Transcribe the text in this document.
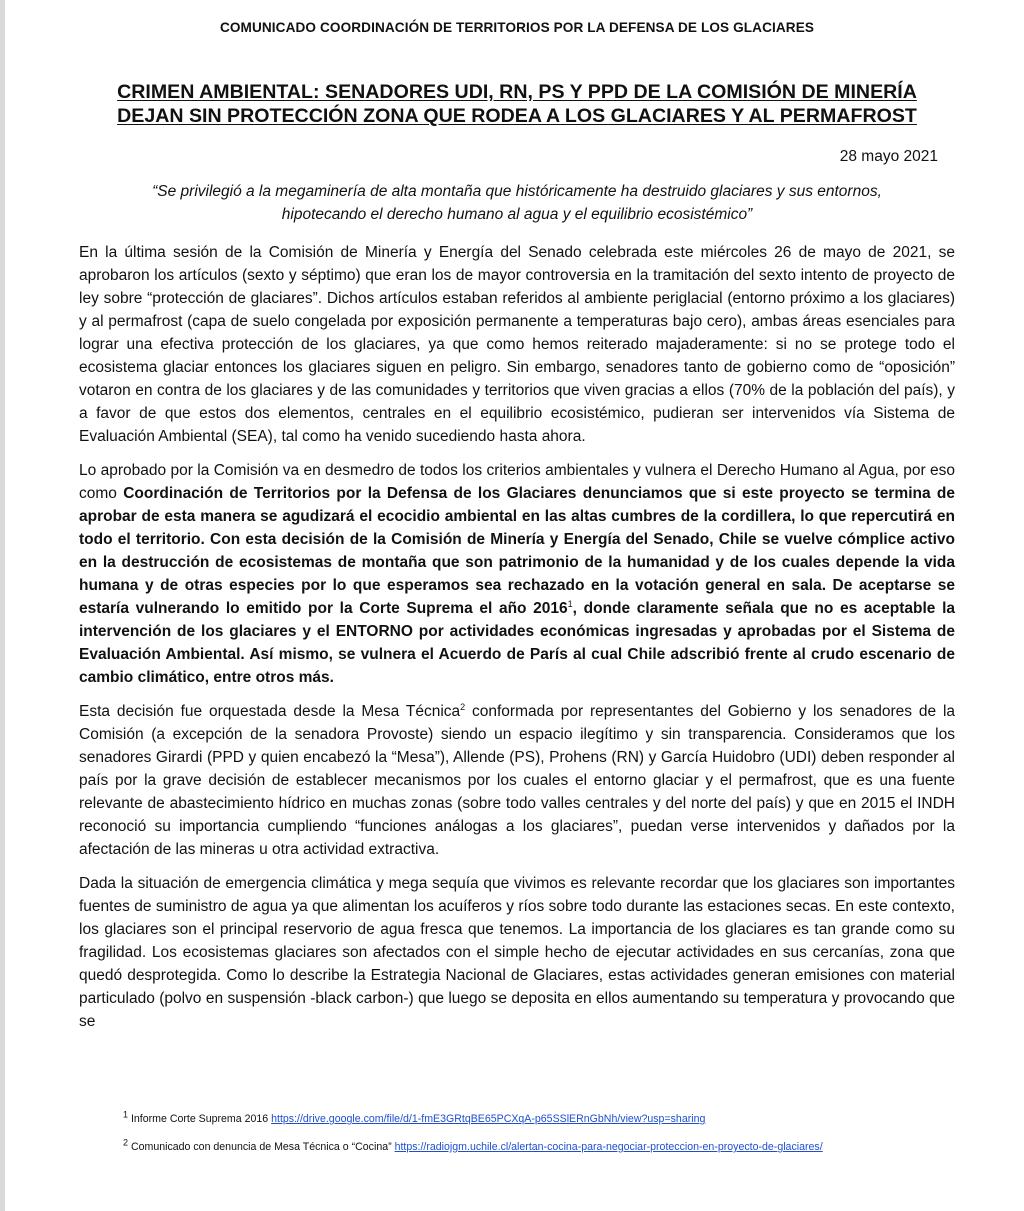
COMUNICADO COORDINACIÓN DE TERRITORIOS POR LA DEFENSA DE LOS GLACIARES
CRIMEN AMBIENTAL: SENADORES UDI, RN, PS Y PPD DE LA COMISIÓN DE MINERÍA
DEJAN SIN PROTECCIÓN ZONA QUE RODEA A LOS GLACIARES Y AL PERMAFROST
28 mayo 2021
“Se privilegió a la megaminería de alta montaña que históricamente ha destruido glaciares y sus entornos,
hipotecando el derecho humano al agua y el equilibrio ecosistémico”

En la última sesión de la Comisión de Minería y Energía del Senado celebrada este miércoles 26 de mayo de 2021, se aprobaron los artículos (sexto y séptimo) que eran los de mayor controversia en la tramitación del sexto intento de proyecto de ley sobre “protección de glaciares”. Dichos artículos estaban referidos al ambiente periglacial (entorno próximo a los glaciares) y al permafrost (capa de suelo congelada por exposición permanente a temperaturas bajo cero), ambas áreas esenciales para lograr una efectiva protección de los glaciares, ya que como hemos reiterado majaderamente: si no se protege todo el ecosistema glaciar entonces los glaciares siguen en peligro. Sin embargo, senadores tanto de gobierno como de “oposición” votaron en contra de los glaciares y de las comunidades y territorios que viven gracias a ellos (70% de la población del país), y a favor de que estos dos elementos, centrales en el equilibrio ecosistémico, pudieran ser intervenidos vía Sistema de Evaluación Ambiental (SEA), tal como ha venido sucediendo hasta ahora.

Lo aprobado por la Comisión va en desmedro de todos los criterios ambientales y vulnera el Derecho Humano al Agua, por eso como Coordinación de Territorios por la Defensa de los Glaciares denunciamos que si este proyecto se termina de aprobar de esta manera se agudizará el ecocidio ambiental en las altas cumbres de la cordillera, lo que repercutirá en todo el territorio. Con esta decisión de la Comisión de Minería y Energía del Senado, Chile se vuelve cómplice activo en la destrucción de ecosistemas de montaña que son patrimonio de la humanidad y de los cuales depende la vida humana y de otras especies por lo que esperamos sea rechazado en la votación general en sala. De aceptarse se estaría vulnerando lo emitido por la Corte Suprema el año 2016$^1$, donde claramente señala que no es aceptable la intervención de los glaciares y el ENTORNO por actividades económicas ingresadas y aprobadas por el Sistema de Evaluación Ambiental. Así mismo, se vulnera el Acuerdo de París al cual Chile adscribió frente al crudo escenario de cambio climático, entre otros más.

Esta decisión fue orquestada desde la Mesa Técnica$^2$ conformada por representantes del Gobierno y los senadores de la Comisión (a excepción de la senadora Provoste) siendo un espacio ilegítimo y sin transparencia. Consideramos que los senadores Girardi (PPD y quien encabezó la “Mesa”), Allende (PS), Prohens (RN) y García Huidobro (UDI) deben responder al país por la grave decisión de establecer mecanismos por los cuales el entorno glaciar y el permafrost, que es una fuente relevante de abastecimiento hídrico en muchas zonas (sobre todo valles centrales y del norte del país) y que en 2015 el INDH reconoció su importancia cumpliendo “funciones análogas a los glaciares”, puedan verse intervenidos y dañados por la afectación de las mineras u otra actividad extractiva.

Dada la situación de emergencia climática y mega sequía que vivimos es relevante recordar que los glaciares son importantes fuentes de suministro de agua ya que alimentan los acuíferos y ríos sobre todo durante las estaciones secas. En este contexto, los glaciares son el principal reservorio de agua fresca que tenemos. La importancia de los glaciares es tan grande como su fragilidad. Los ecosistemas glaciares son afectados con el simple hecho de ejecutar actividades en sus cercanías, zona que quedó desprotegida. Como lo describe la Estrategia Nacional de Glaciares, estas actividades generan emisiones con material particulado (polvo en suspensión -black carbon-) que luego se deposita en ellos aumentando su temperatura y provocando que se

$^1$ Informe Corte Suprema 2016 https://drive.google.com/file/d/1-fmE3GRtqBE65PCXqA-p65SSlERnGbNh/view?usp=sharing

$^2$ Comunicado con denuncia de Mesa Técnica o “Cocina” https://radiojgm.uchile.cl/alertan-cocina-para-negociar-proteccion-en-proyecto-de-glaciares/
